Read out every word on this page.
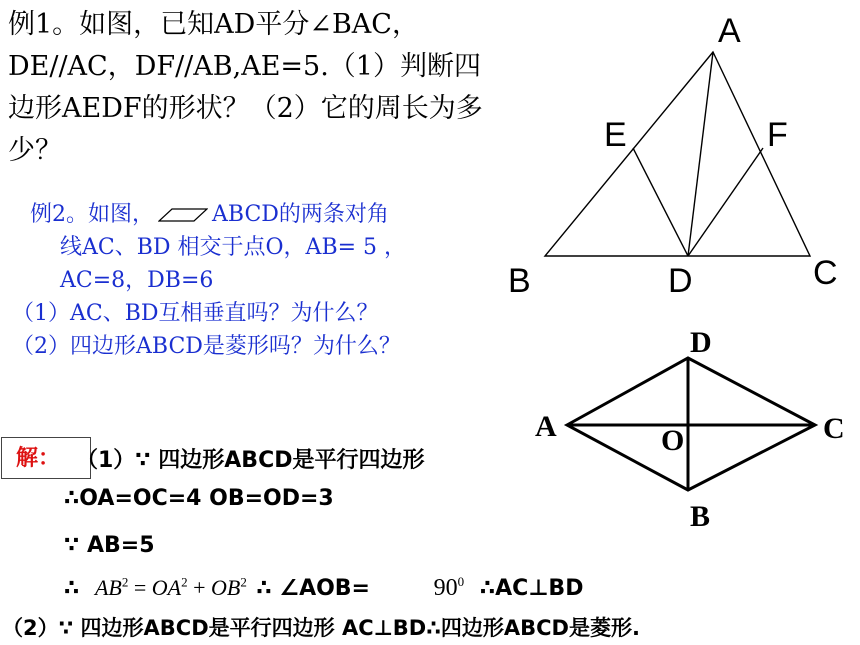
例1。如图，已知AD平分∠BAC，
DE//AC，DF//AB,AE=5.（1）判断四
边形AEDF的形状？（2）它的周长为多
少？
A
E	F
B	D	C
例2。如图，	ABCD的两条对角
线AC、BD 相交于点O，AB= 5 ，
AC=8，DB=6
（1）AC、BD互相垂直吗？为什么？
（2）四边形ABCD是菱形吗？为什么？	D
A	C
O
B
解： （1）∵ 四边形ABCD是平行四边形
∴OA=OC=4 OB=OD=3
∵ AB=5
∴ $AB^2 = OA^2 + OB^2$ ∴ ∠AOB=	$90^0$ ∴AC⊥BD
（2）∵ 四边形ABCD是平行四边形 AC⊥BD∴四边形ABCD是菱形.
